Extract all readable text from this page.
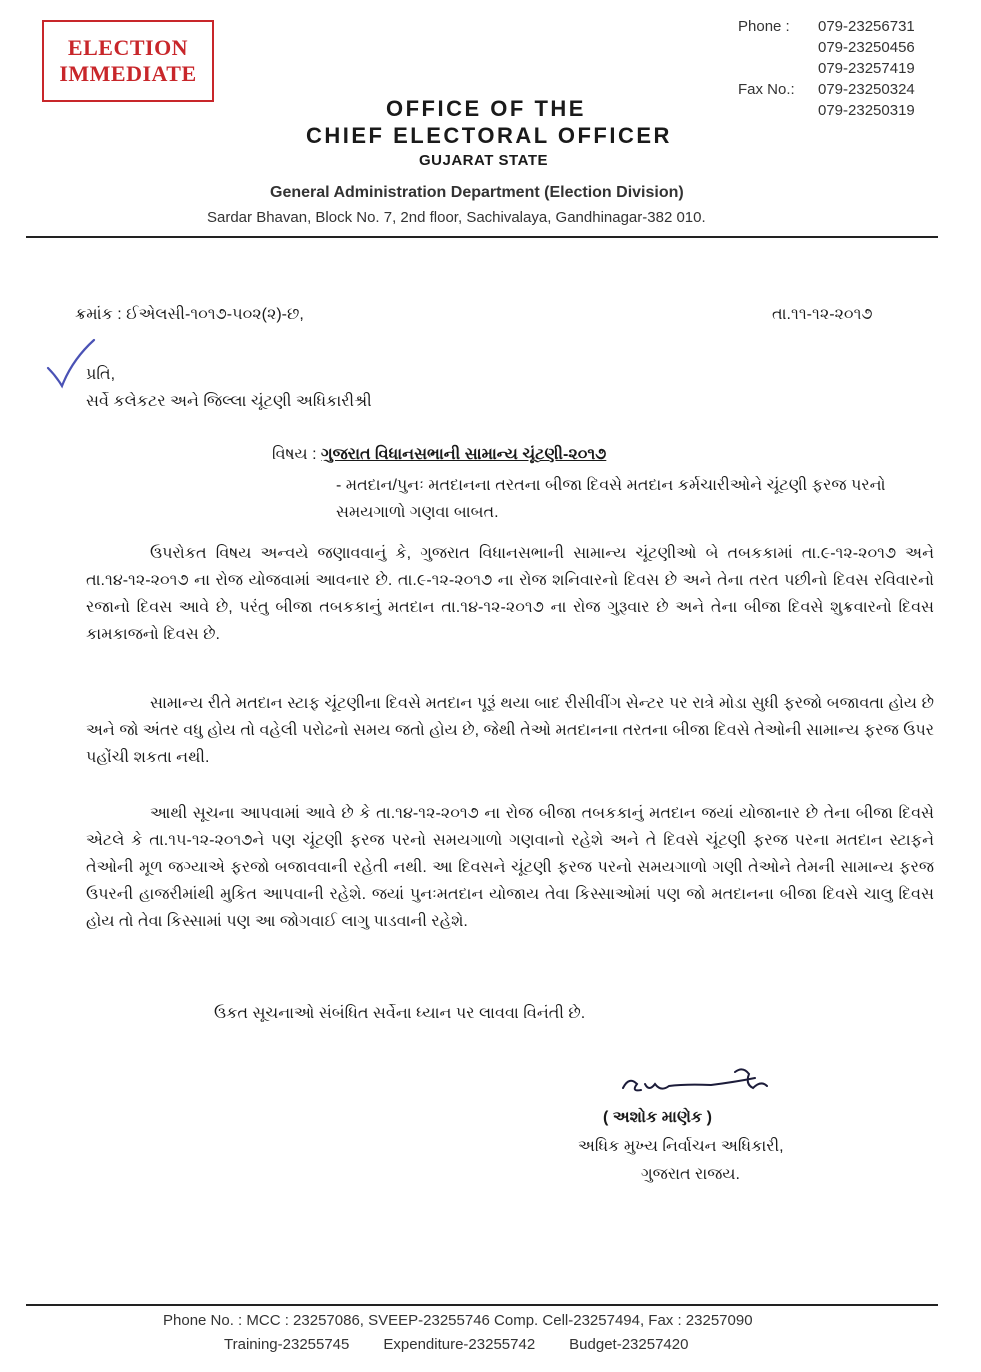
ELECTION
IMMEDIATE
Phone :	079-23256731
079-23250456
079-23257419
Fax No.:	079-23250324
079-23250319
OFFICE OF THE
CHIEF ELECTORAL OFFICER
GUJARAT STATE
General Administration Department (Election Division)
Sardar Bhavan, Block No. 7, 2nd floor, Sachivalaya, Gandhinagar-382 010.
ક્રમાંક : ઈએલસી-૧૦૧૭-૫૦૨(૨)-છ,	તા.૧૧-૧૨-૨૦૧૭
પ્રતિ,
સર્વે કલેકટર અને જિલ્લા ચૂંટણી અધિકારીશ્રી
વિષય : ગુજરાત વિધાનસભાની સામાન્ય ચૂંટણી-૨૦૧૭
- મતદાન/પુનઃ મતદાનના તરતના બીજા દિવસે મતદાન કર્મચારીઓને ચૂંટણી ફરજ પરનો સમયગાળો ગણવા બાબત.
ઉપરોકત વિષય અન્વયે જણાવવાનું કે, ગુજરાત વિધાનસભાની સામાન્ય ચૂંટણીઓ બે તબકકામાં તા.૯-૧૨-૨૦૧૭ અને તા.૧૪-૧૨-૨૦૧૭ ના રોજ યોજવામાં આવનાર છે. તા.૯-૧૨-૨૦૧૭ ના રોજ શનિવારનો દિવસ છે અને તેના તરત પછીનો દિવસ રવિવારનો રજાનો દિવસ આવે છે, પરંતુ બીજા તબકકાનું મતદાન તા.૧૪-૧૨-૨૦૧૭ ના રોજ ગુરૂવાર છે અને તેના બીજા દિવસે શુક્રવારનો દિવસ કામકાજનો દિવસ છે.
સામાન્ય રીતે મતદાન સ્ટાફ ચૂંટણીના દિવસે મતદાન પૂરૂં થયા બાદ રીસીવીંગ સેન્ટર પર રાત્રે મોડા સુધી ફરજો બજાવતા હોય છે અને જો અંતર વધુ હોય તો વહેલી પરોઢનો સમય જતો હોય છે, જેથી તેઓ મતદાનના તરતના બીજા દિવસે તેઓની સામાન્ય ફરજ ઉપર પહોંચી શકતા નથી.
આથી સૂચના આપવામાં આવે છે કે તા.૧૪-૧૨-૨૦૧૭ ના રોજ બીજા તબકકાનું મતદાન જયાં યોજાનાર છે તેના બીજા દિવસે એટલે કે તા.૧૫-૧૨-૨૦૧૭ને પણ ચૂંટણી ફરજ પરનો સમયગાળો ગણવાનો રહેશે અને તે દિવસે ચૂંટણી ફરજ પરના મતદાન સ્ટાફને તેઓની મૂળ જગ્યાએ ફરજો બજાવવાની રહેતી નથી. આ દિવસને ચૂંટણી ફરજ પરનો સમયગાળો ગણી તેઓને તેમની સામાન્ય ફરજ ઉપરની હાજરીમાંથી મુકિત આપવાની રહેશે. જયાં પુનઃમતદાન યોજાય તેવા કિસ્સાઓમાં પણ જો મતદાનના બીજા દિવસે ચાલુ દિવસ હોય તો તેવા કિસ્સામાં પણ આ જોગવાઈ લાગુ પાડવાની રહેશે.
ઉકત સૂચનાઓ સંબંધિત સર્વેના ધ્યાન પર લાવવા વિનંતી છે.
( અશોક માણેક )
અધિક મુખ્ય નિર્વાચન અધિકારી,
ગુજરાત રાજય.
Phone No. : MCC : 23257086, SVEEP-23255746 Comp. Cell-23257494, Fax : 23257090
Training-23255745 Expenditure-23255742 Budget-23257420
